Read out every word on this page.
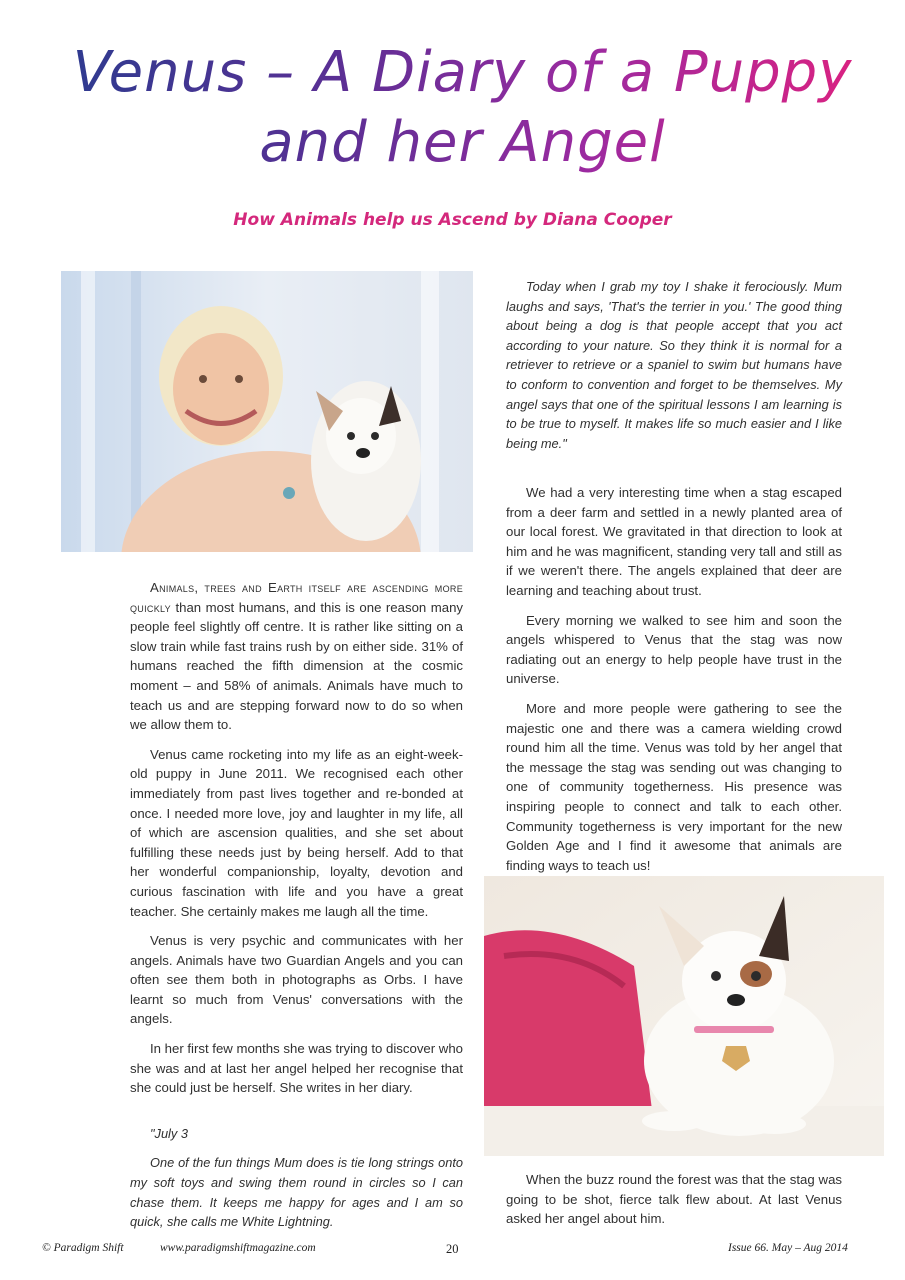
Venus – A Diary of a Puppy
and her Angel
How Animals help us Ascend by Diana Cooper

Animals, trees and Earth itself are ascending more quickly than most humans, and this is one reason many people feel slightly off centre. It is rather like sitting on a slow train while fast trains rush by on either side. 31% of humans reached the fifth dimension at the cosmic moment – and 58% of animals. Animals have much to teach us and are stepping forward now to do so when we allow them to.

Venus came rocketing into my life as an eight-week-old puppy in June 2011. We recognised each other immediately from past lives together and re-bonded at once. I needed more love, joy and laughter in my life, all of which are ascension qualities, and she set about fulfilling these needs just by being herself. Add to that her wonderful companionship, loyalty, devotion and curious fascination with life and you have a great teacher. She certainly makes me laugh all the time.

Venus is very psychic and communicates with her angels. Animals have two Guardian Angels and you can often see them both in photographs as Orbs. I have learnt so much from Venus' conversations with the angels.

In her first few months she was trying to discover who she was and at last her angel helped her recognise that she could just be herself. She writes in her diary.

"July 3

One of the fun things Mum does is tie long strings onto my soft toys and swing them round in circles so I can chase them. It keeps me happy for ages and I am so quick, she calls me White Lightning.

Today when I grab my toy I shake it ferociously. Mum laughs and says, 'That's the terrier in you.' The good thing about being a dog is that people accept that you act according to your nature. So they think it is normal for a retriever to retrieve or a spaniel to swim but humans have to conform to convention and forget to be themselves. My angel says that one of the spiritual lessons I am learning is to be true to myself. It makes life so much easier and I like being me."

We had a very interesting time when a stag escaped from a deer farm and settled in a newly planted area of our local forest. We gravitated in that direction to look at him and he was magnificent, standing very tall and still as if we weren't there. The angels explained that deer are learning and teaching about trust.

Every morning we walked to see him and soon the angels whispered to Venus that the stag was now radiating out an energy to help people have trust in the universe.

More and more people were gathering to see the majestic one and there was a camera wielding crowd round him all the time. Venus was told by her angel that the message the stag was sending out was changing to one of community togetherness. His presence was inspiring people to connect and talk to each other. Community togetherness is very important for the new Golden Age and I find it awesome that animals are finding ways to teach us!

When the buzz round the forest was that the stag was going to be shot, fierce talk flew about. At last Venus asked her angel about him.

© Paradigm Shift	www.paradigmshiftmagazine.com	20	Issue 66. May – Aug 2014
